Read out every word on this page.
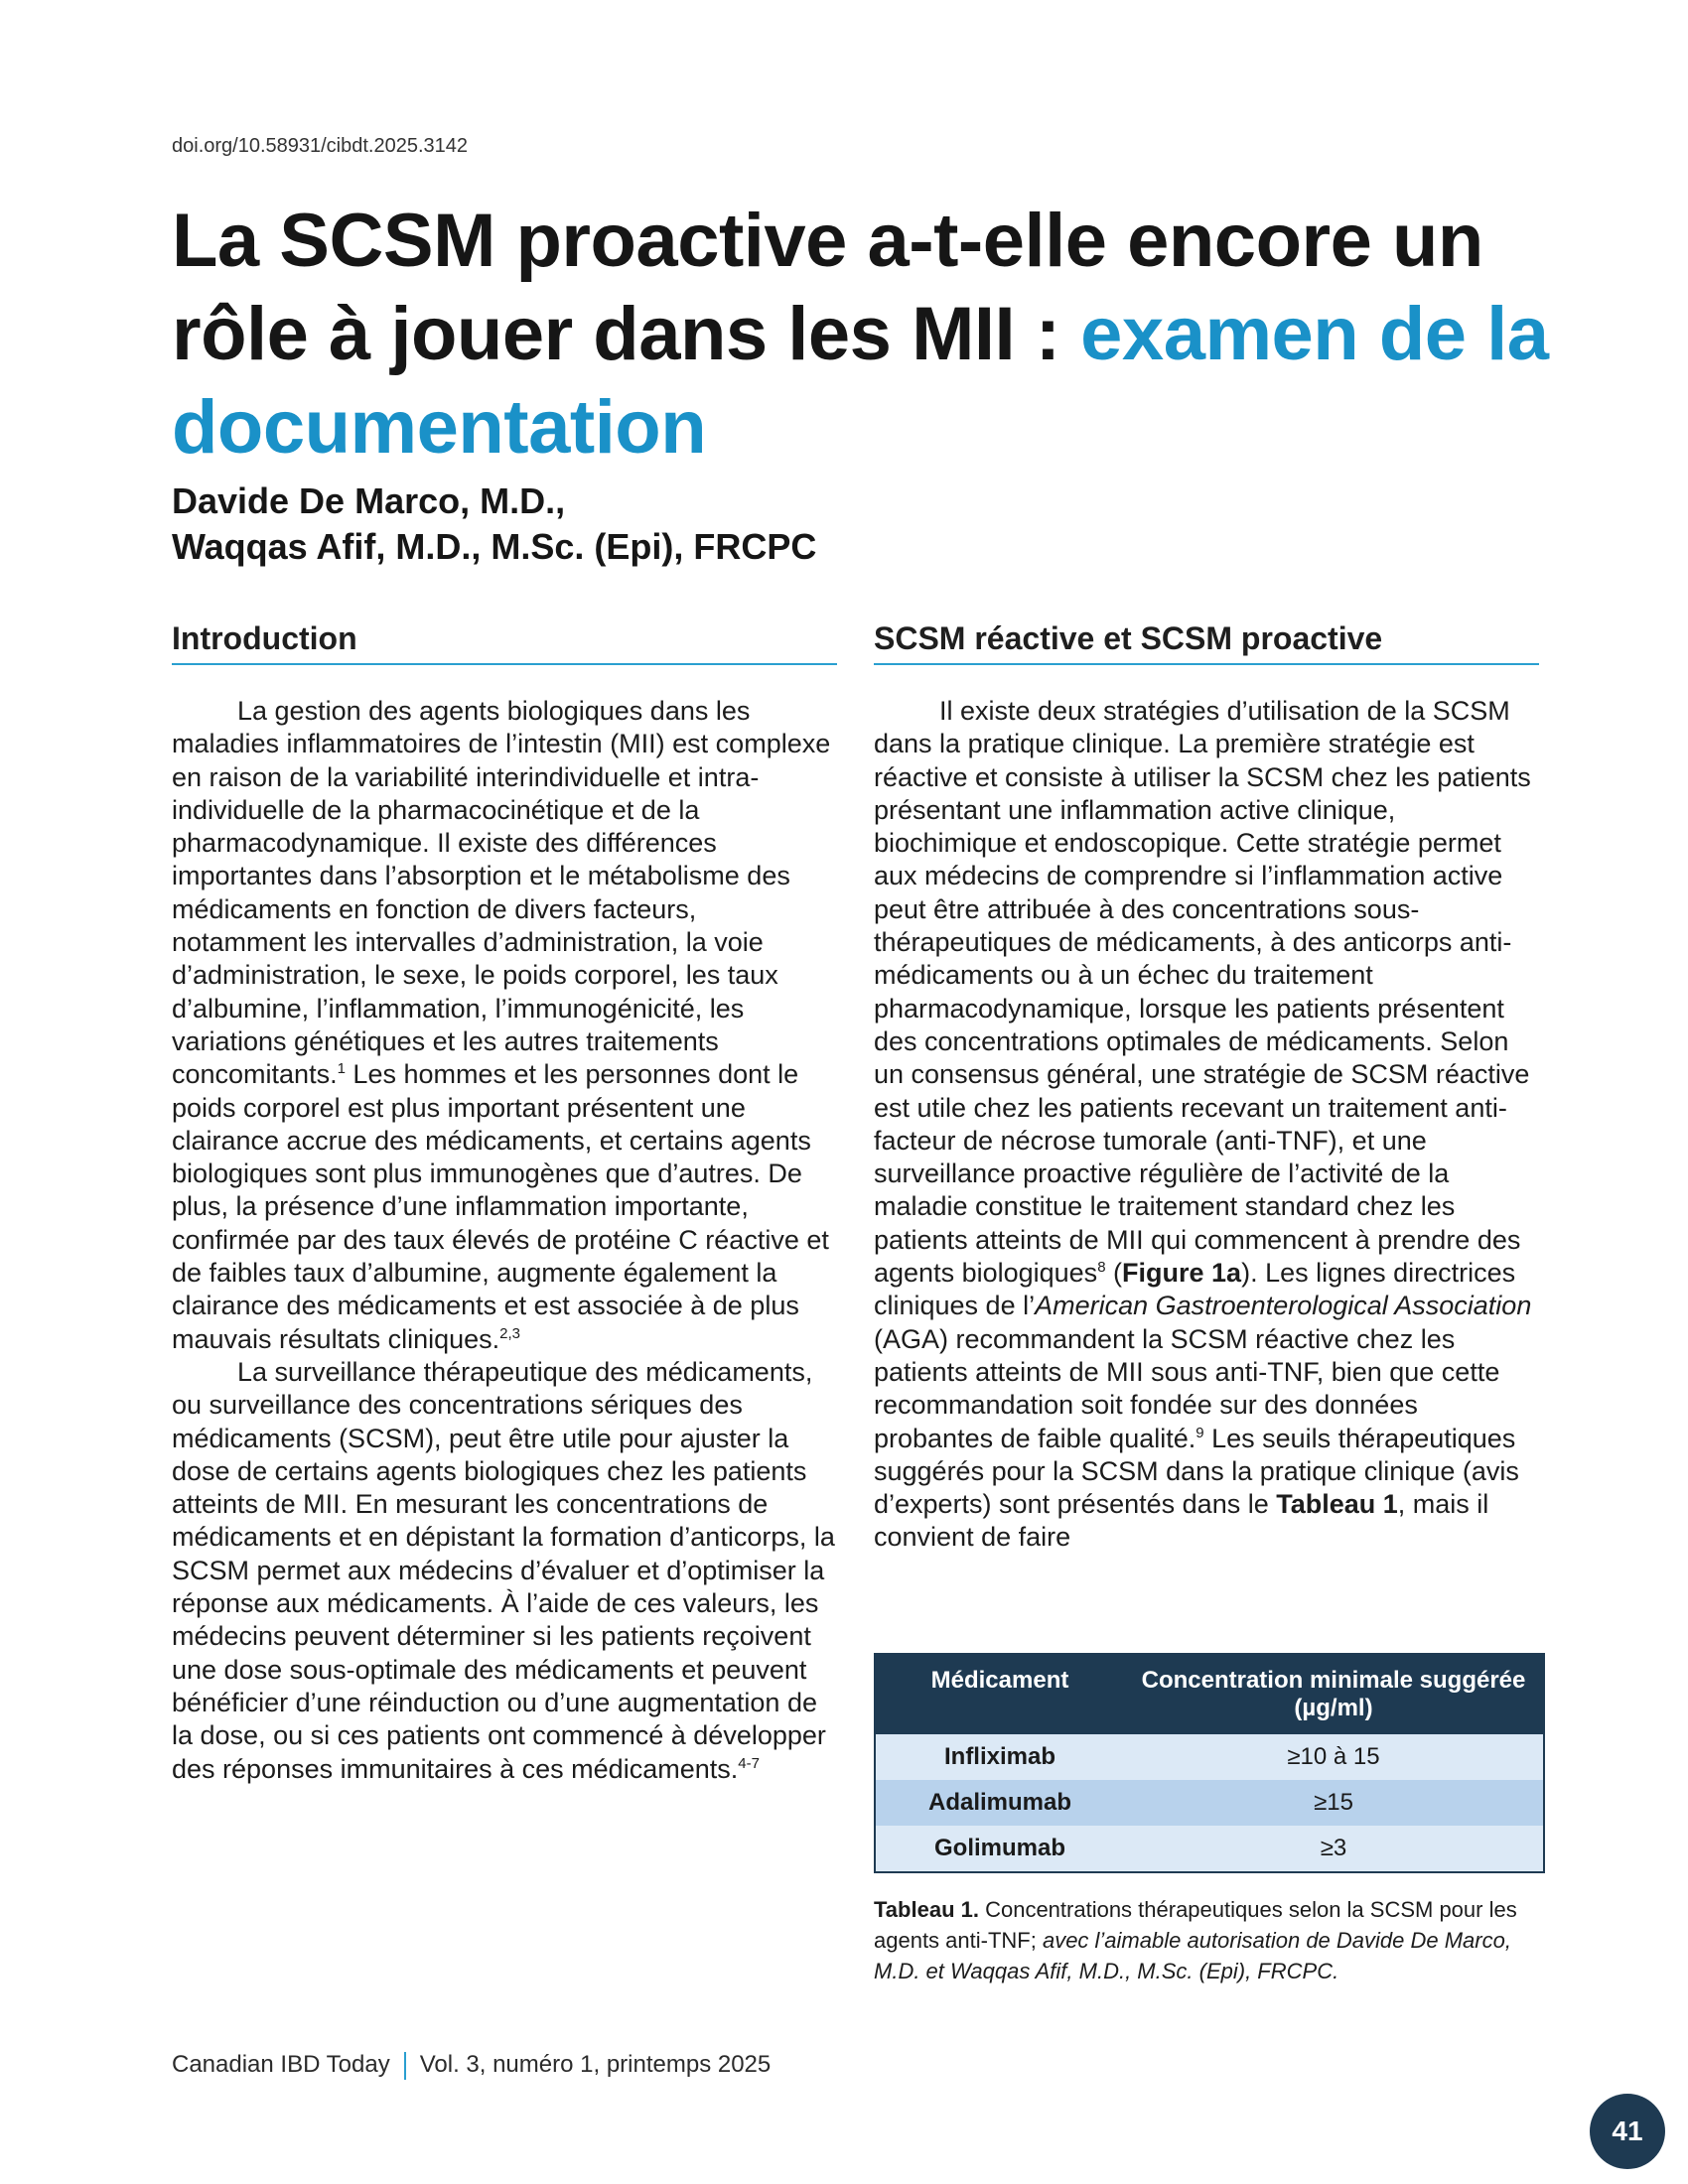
doi.org/10.58931/cibdt.2025.3142
La SCSM proactive a-t-elle encore un rôle à jouer dans les MII : examen de la documentation
Davide De Marco, M.D.,
Waqqas Afif, M.D., M.Sc. (Epi), FRCPC
Introduction

La gestion des agents biologiques dans les maladies inflammatoires de l’intestin (MII) est complexe en raison de la variabilité interindividuelle et intra-individuelle de la pharmacocinétique et de la pharmacodynamique. Il existe des différences importantes dans l’absorption et le métabolisme des médicaments en fonction de divers facteurs, notamment les intervalles d’administration, la voie d’administration, le sexe, le poids corporel, les taux d’albumine, l’inflammation, l’immunogénicité, les variations génétiques et les autres traitements concomitants.$^1$ Les hommes et les personnes dont le poids corporel est plus important présentent une clairance accrue des médicaments, et certains agents biologiques sont plus immunogènes que d’autres. De plus, la présence d’une inflammation importante, confirmée par des taux élevés de protéine C réactive et de faibles taux d’albumine, augmente également la clairance des médicaments et est associée à de plus mauvais résultats cliniques.$^{2,3}$

La surveillance thérapeutique des médicaments, ou surveillance des concentrations sériques des médicaments (SCSM), peut être utile pour ajuster la dose de certains agents biologiques chez les patients atteints de MII. En mesurant les concentrations de médicaments et en dépistant la formation d’anticorps, la SCSM permet aux médecins d’évaluer et d’optimiser la réponse aux médicaments. À l’aide de ces valeurs, les médecins peuvent déterminer si les patients reçoivent une dose sous-optimale des médicaments et peuvent bénéficier d’une réinduction ou d’une augmentation de la dose, ou si ces patients ont commencé à développer des réponses immunitaires à ces médicaments.$^{4-7}$

SCSM réactive et SCSM proactive

Il existe deux stratégies d’utilisation de la SCSM dans la pratique clinique. La première stratégie est réactive et consiste à utiliser la SCSM chez les patients présentant une inflammation active clinique, biochimique et endoscopique. Cette stratégie permet aux médecins de comprendre si l’inflammation active peut être attribuée à des concentrations sous-thérapeutiques de médicaments, à des anticorps anti-médicaments ou à un échec du traitement pharmacodynamique, lorsque les patients présentent des concentrations optimales de médicaments. Selon un consensus général, une stratégie de SCSM réactive est utile chez les patients recevant un traitement anti-facteur de nécrose tumorale (anti-TNF), et une surveillance proactive régulière de l’activité de la maladie constitue le traitement standard chez les patients atteints de MII qui commencent à prendre des agents biologiques$^8$ (Figure 1a). Les lignes directrices cliniques de l’American Gastroenterological Association (AGA) recommandent la SCSM réactive chez les patients atteints de MII sous anti-TNF, bien que cette recommandation soit fondée sur des données probantes de faible qualité.$^9$ Les seuils thérapeutiques suggérés pour la SCSM dans la pratique clinique (avis d’experts) sont présentés dans le Tableau 1, mais il convient de faire

Médicament	Concentration minimale suggérée (µg/ml)
Infliximab	≥10 à 15
Adalimumab	≥15
Golimumab	≥3
Tableau 1. Concentrations thérapeutiques selon la SCSM pour les agents anti-TNF; avec l’aimable autorisation de Davide De Marco, M.D. et Waqqas Afif, M.D., M.Sc. (Epi), FRCPC.
Canadian IBD Today Vol. 3, numéro 1, printemps 2025
41
